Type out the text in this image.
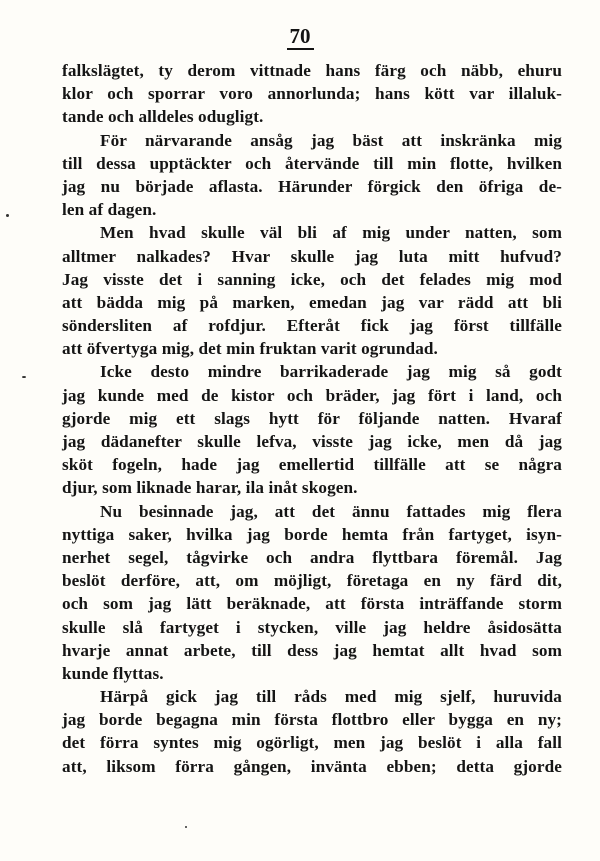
70
falkslägtet, ty derom vittnade hans färg och näbb, ehuru
klor och sporrar voro annorlunda; hans kött var illaluk-
tande och alldeles odugligt.
För närvarande ansåg jag bäst att inskränka mig
till dessa upptäckter och återvände till min flotte, hvilken
jag nu började aflasta. Härunder förgick den öfriga de-
len af dagen.
Men hvad skulle väl bli af mig under natten, som
alltmer nalkades? Hvar skulle jag luta mitt hufvud?
Jag visste det i sanning icke, och det felades mig mod
att bädda mig på marken, emedan jag var rädd att bli
sönderslitеn af rofdjur. Efteråt fick jag först tillfälle
att öfvertyga mig, det min fruktan varit ogrundad.
Icke desto mindre barrikaderade jag mig så godt
jag kunde med de kistor och bräder, jag fört i land, och
gjorde mig ett slags hytt för följande natten. Hvaraf
jag dädanefter skulle lefva, visste jag icke, men då jag
sköt fogeln, hade jag emellertid tillfälle att se några
djur, som liknade harar, ila inåt skogen.
Nu besinnade jag, att det ännu fattades mig flera
nyttiga saker, hvilka jag borde hemta från fartyget, isyn-
nerhet segel, tågvirke och andra flyttbara föremål. Jag
beslöt derföre, att, om möjligt, företaga en ny färd dit,
och som jag lätt beräknade, att första inträffande storm
skulle slå fartyget i stycken, ville jag heldre åsidosätta
hvarje annat arbete, till dess jag hemtat allt hvad som
kunde flyttas.
Härpå gick jag till råds med mig sjelf, huruvida
jag borde begagna min första flottbro eller bygga en ny;
det förra syntes mig ogörligt, men jag beslöt i alla fall
att, liksom förra gången, invänta ebben; detta gjorde
